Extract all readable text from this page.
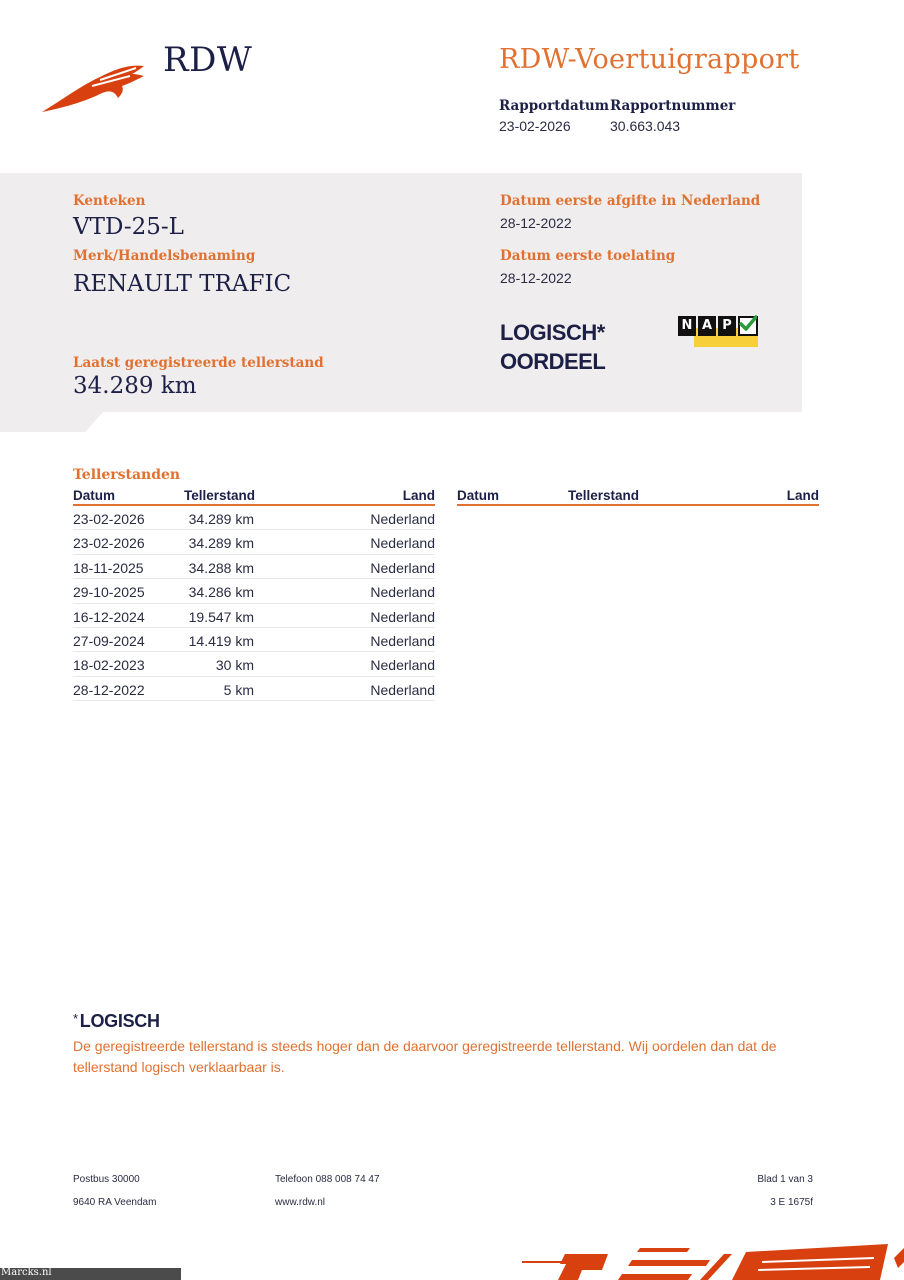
RDW	RDW-Voertuigrapport
Rapportdatum
23-02-2026
Rapportnummer
30.663.043
Kenteken
VTD-25-L
Merk/Handelsbenaming
RENAULT TRAFIC
Laatst geregistreerde tellerstand
34.289 km
Datum eerste afgifte in Nederland
28-12-2022
Datum eerste toelating
28-12-2022
LOGISCH*
OORDEEL
N A P
Tellerstanden
Datum	Tellerstand	Land
23-02-2026	34.289 km	Nederland
23-02-2026	34.289 km	Nederland
18-11-2025	34.288 km	Nederland
29-10-2025	34.286 km	Nederland
16-12-2024	19.547 km	Nederland
27-09-2024	14.419 km	Nederland
18-02-2023	30 km	Nederland
28-12-2022	5 km	Nederland
Datum	Tellerstand	Land
* LOGISCH
De geregistreerde tellerstand is steeds hoger dan de daarvoor geregistreerde tellerstand. Wij oordelen dan dat de tellerstand logisch verklaarbaar is.
Postbus 30000
9640 RA Veendam
Telefoon 088 008 74 47
www.rdw.nl
Blad 1 van 3
3 E 1675f
Marcks.nl
